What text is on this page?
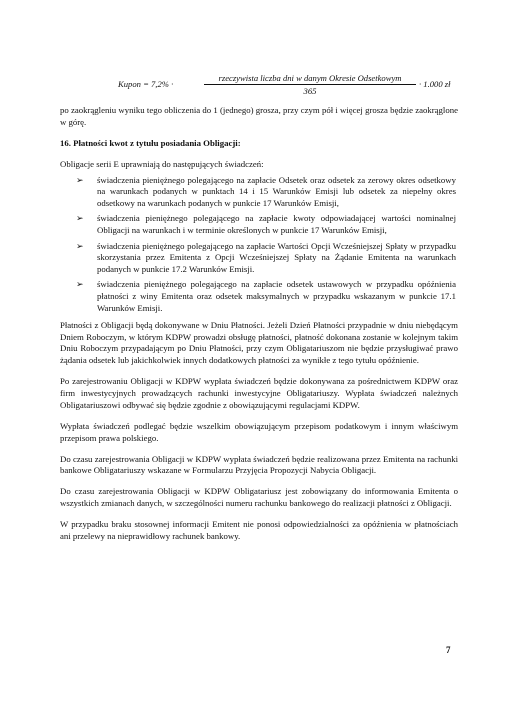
Kupon = 7,2% ·
rzeczywista liczba dni w danym Okresie Odsetkowym
365
· 1.000 zł

po zaokrągleniu wyniku tego obliczenia do 1 (jednego) grosza, przy czym pół i więcej grosza będzie zaokrąglone w górę.

16. Płatności kwot z tytułu posiadania Obligacji:

Obligacje serii E uprawniają do następujących świadczeń:

➢ świadczenia pieniężnego polegającego na zapłacie Odsetek oraz odsetek za zerowy okres odsetkowy na warunkach podanych w punktach 14 i 15 Warunków Emisji lub odsetek za niepełny okres odsetkowy na warunkach podanych w punkcie 17 Warunków Emisji,
➢ świadczenia pieniężnego polegającego na zapłacie kwoty odpowiadającej wartości nominalnej Obligacji na warunkach i w terminie określonych w punkcie 17 Warunków Emisji,
➢ świadczenia pieniężnego polegającego na zapłacie Wartości Opcji Wcześniejszej Spłaty w przypadku skorzystania przez Emitenta z Opcji Wcześniejszej Spłaty na Żądanie Emitenta na warunkach podanych w punkcie 17.2 Warunków Emisji.
➢ świadczenia pieniężnego polegającego na zapłacie odsetek ustawowych w przypadku opóźnienia płatności z winy Emitenta oraz odsetek maksymalnych w przypadku wskazanym w punkcie 17.1 Warunków Emisji.

Płatności z Obligacji będą dokonywane w Dniu Płatności. Jeżeli Dzień Płatności przypadnie w dniu niebędącym Dniem Roboczym, w którym KDPW prowadzi obsługę płatności, płatność dokonana zostanie w kolejnym takim Dniu Roboczym przypadającym po Dniu Płatności, przy czym Obligatariuszom nie będzie przysługiwać prawo żądania odsetek lub jakichkolwiek innych dodatkowych płatności za wynikłe z tego tytułu opóźnienie.

Po zarejestrowaniu Obligacji w KDPW wypłata świadczeń będzie dokonywana za pośrednictwem KDPW oraz firm inwestycyjnych prowadzących rachunki inwestycyjne Obligatariuszy. Wypłata świadczeń należnych Obligatariuszowi odbywać się będzie zgodnie z obowiązującymi regulacjami KDPW.

Wypłata świadczeń podlegać będzie wszelkim obowiązującym przepisom podatkowym i innym właściwym przepisom prawa polskiego.

Do czasu zarejestrowania Obligacji w KDPW wypłata świadczeń będzie realizowana przez Emitenta na rachunki bankowe Obligatariuszy wskazane w Formularzu Przyjęcia Propozycji Nabycia Obligacji.

Do czasu zarejestrowania Obligacji w KDPW Obligatariusz jest zobowiązany do informowania Emitenta o wszystkich zmianach danych, w szczególności numeru rachunku bankowego do realizacji płatności z Obligacji.

W przypadku braku stosownej informacji Emitent nie ponosi odpowiedzialności za opóźnienia w płatnościach ani przelewy na nieprawidłowy rachunek bankowy.

7
